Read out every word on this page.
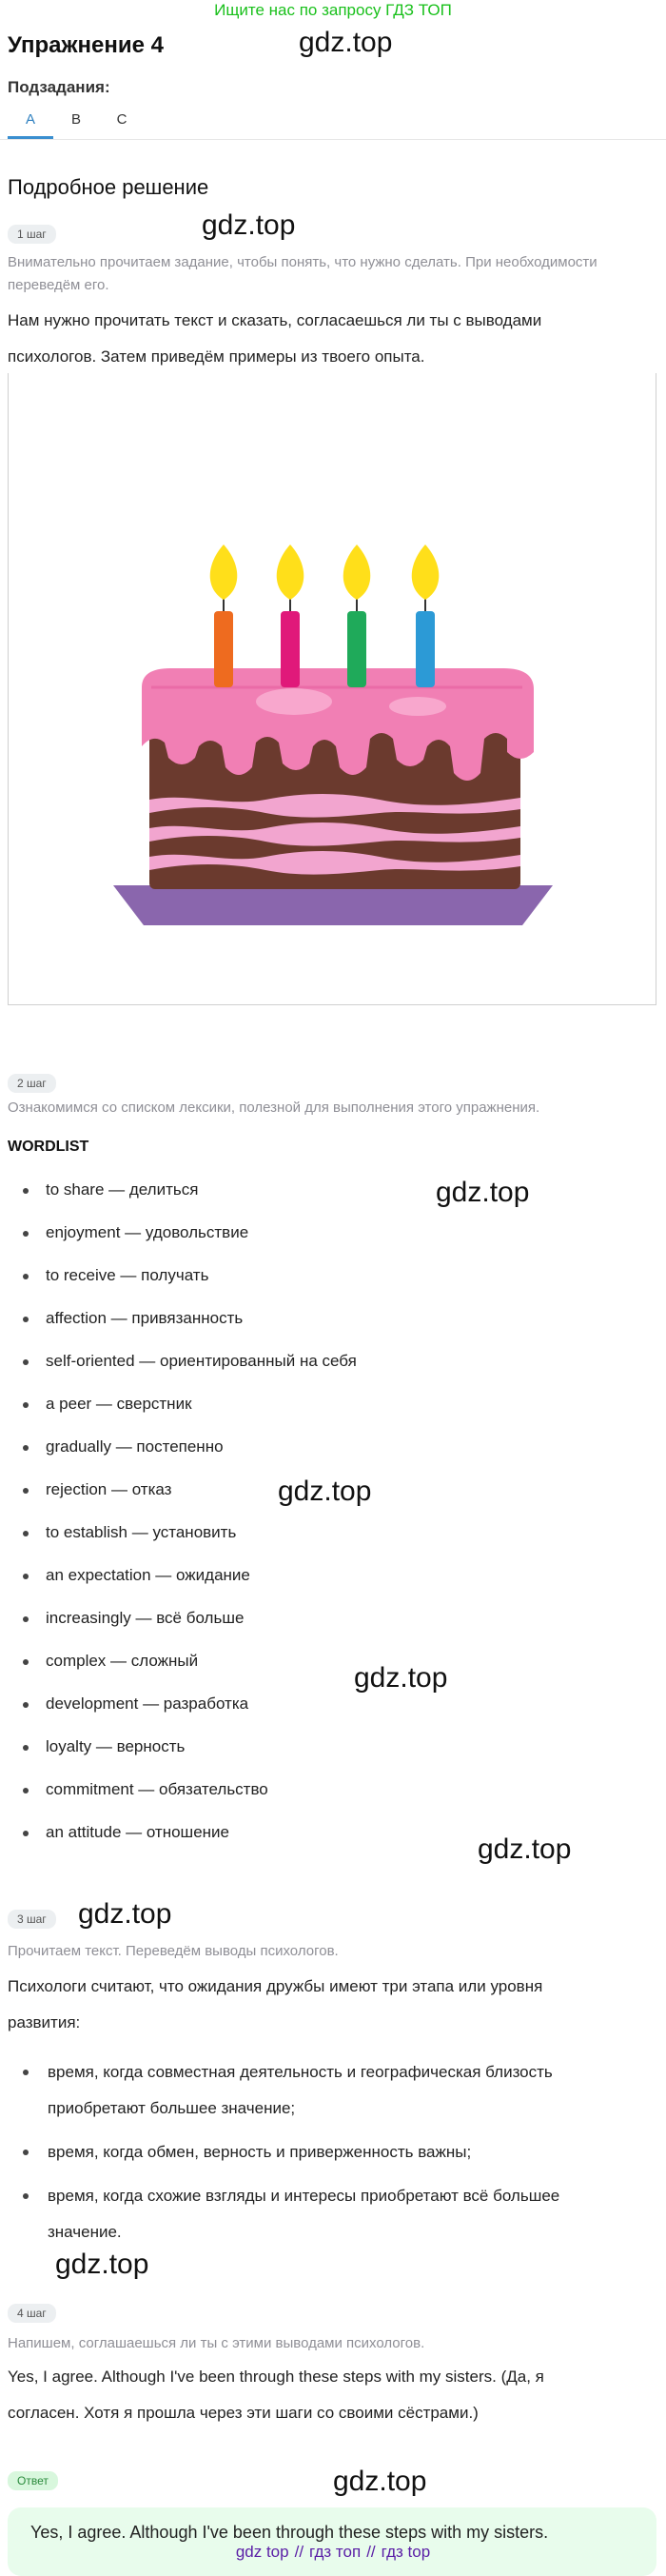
Ищите нас по запросу ГДЗ ТОП
Упражнение 4	gdz.top
gdz.top
gdz.top
gdz.top
gdz.top
gdz.top
gdz.top
gdz.top
gdz.top
Подзадания:
A	B	C
Подробное решение
1 шаг
Внимательно прочитаем задание, чтобы понять, что нужно сделать. При необходимости
переведём его.
Нам нужно прочитать текст и сказать, согласаешься ли ты с выводами
психологов. Затем приведём примеры из твоего опыта.
2 шаг
Ознакомимся со списком лексики, полезной для выполнения этого упражнения.
WORDLIST
to share — делиться
enjoyment — удовольствие
to receive — получать
affection — привязанность
self-oriented — ориентированный на себя
a peer — сверстник
gradually — постепенно
rejection — отказ
to establish — установить
an expectation — ожидание
increasingly — всё больше
complex — сложный
development — разработка
loyalty — верность
commitment — обязательство
an attitude — отношение
3 шаг
Прочитаем текст. Переведём выводы психологов.
Психологи считают, что ожидания дружбы имеют три этапа или уровня
развития:
время, когда совместная деятельность и географическая близость
приобретают большее значение;
время, когда обмен, верность и приверженность важны;
время, когда схожие взгляды и интересы приобретают всё большее
значение.
4 шаг
Напишем, соглашаешься ли ты с этими выводами психологов.
Yes, I agree. Although I've been through these steps with my sisters. (Да, я
согласен. Хотя я прошла через эти шаги со своими сёстрами.)
Ответ
Yes, I agree. Although I've been through these steps with my sisters.
gdz top // гдз топ // гдз top
